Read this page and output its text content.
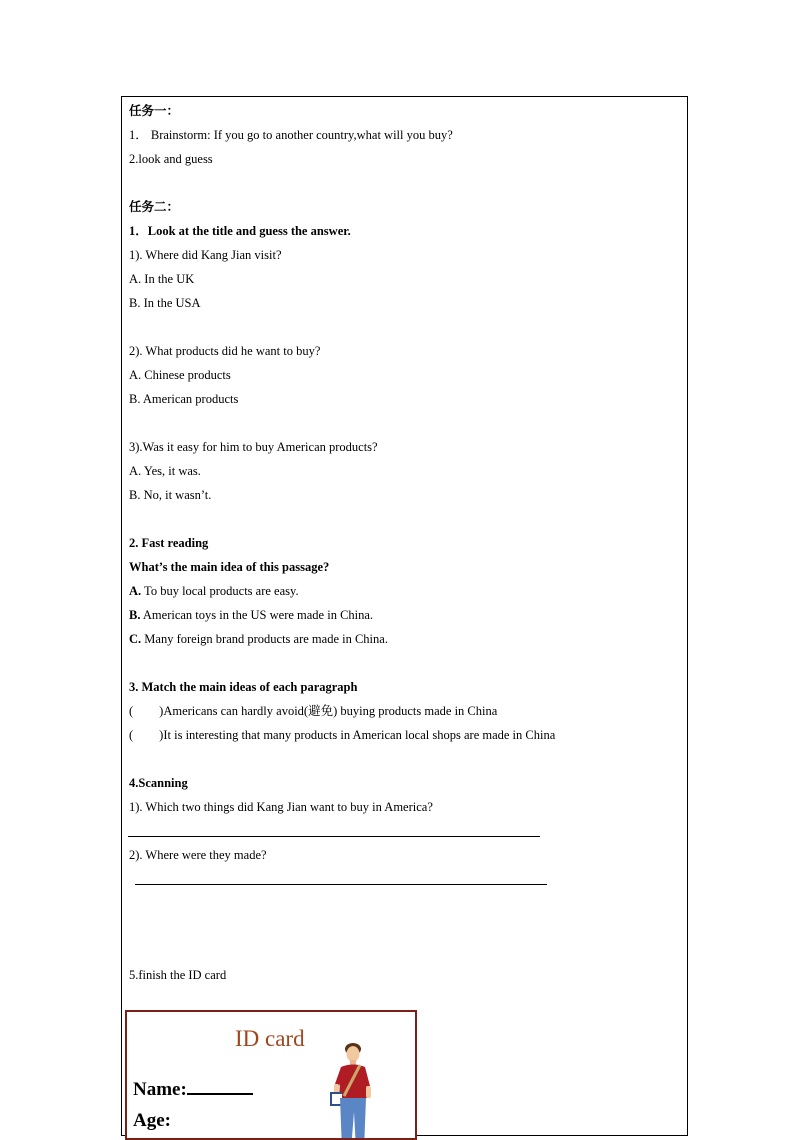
任务一：
1． Brainstorm: If you go to another country,what will you buy?
2.look and guess
任务二：
1．Look at the title and guess the answer.
1). Where did Kang Jian visit?
A. In the UK
B. In the USA
2). What products did he want to buy?
A. Chinese products
B. American products
3).Was it easy for him to buy American products?
A. Yes, it was.
B. No, it wasn’t.
2. Fast reading
What’s the main idea of this passage?
A. To buy local products are easy.
B. American toys in the US were made in China.
C. Many foreign brand products are made in China.
3. Match the main ideas of each paragraph
( )Americans can hardly avoid(避免) buying products made in China
( )It is interesting that many products in American local shops are made in China
4.Scanning
1). Which two things did Kang Jian want to buy in America?
2). Where were they made?
5.finish the ID card
ID card
Name:
Age:
